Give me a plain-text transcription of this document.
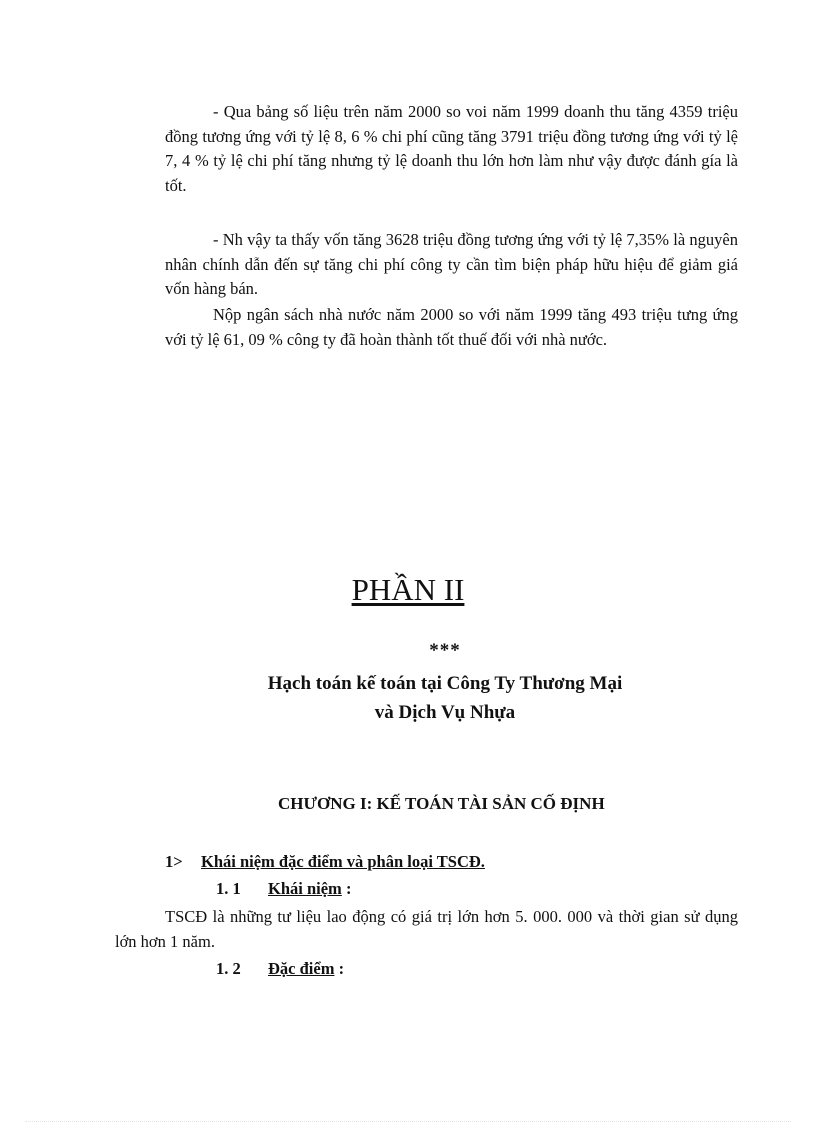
- Qua bảng số liệu trên năm 2000 so voi năm 1999 doanh thu tăng 4359 triệu đồng tương ứng với tỷ lệ 8, 6 % chi phí cũng tăng 3791 triệu đồng tương ứng với tỷ lệ 7, 4 % tỷ lệ chi phí tăng nhưng tỷ lệ doanh thu lớn hơn làm như vậy được đánh gía là tốt.

- Nh vậy ta thấy vốn tăng 3628 triệu đồng tương ứng với tỷ lệ 7,35% là nguyên nhân chính dẫn đến sự tăng chi phí công ty cần tìm biện pháp hữu hiệu để giảm giá vốn hàng bán.

Nộp ngân sách nhà nước năm 2000 so với năm 1999 tăng 493 triệu tưng ứng với tỷ lệ 61, 09 % công ty đã hoàn thành tốt thuế đối với nhà nước.

PHẦN II
***
Hạch toán kế toán tại Công Ty Thương Mại
và Dịch Vụ Nhựa
CHƯƠNG I: KẾ TOÁN TÀI SẢN CỐ ĐỊNH
1> Khái niệm đặc điểm và phân loại TSCĐ.
1. 1 Khái niệm :

TSCĐ là những tư liệu lao động có giá trị lớn hơn 5. 000. 000 và thời gian sử dụng lớn hơn 1 năm.

1. 2 Đặc điểm :
